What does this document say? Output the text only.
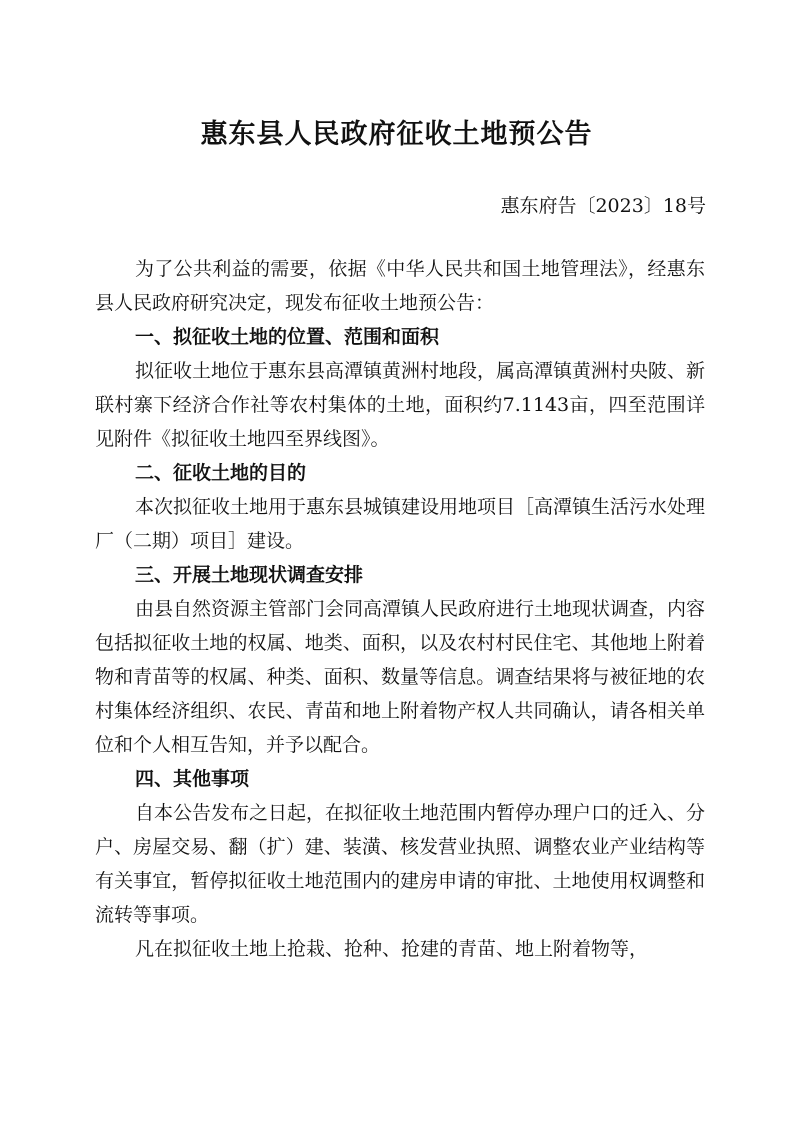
惠东县人民政府征收土地预公告
惠东府告〔2023〕18号

为了公共利益的需要，依据《中华人民共和国土地管理法》，经惠东县人民政府研究决定，现发布征收土地预公告：

一、拟征收土地的位置、范围和面积

拟征收土地位于惠东县高潭镇黄洲村地段，属高潭镇黄洲村央陂、新联村寨下经济合作社等农村集体的土地，面积约7.1143亩，四至范围详见附件《拟征收土地四至界线图》。

二、征收土地的目的

本次拟征收土地用于惠东县城镇建设用地项目［高潭镇生活污水处理厂（二期）项目］建设。

三、开展土地现状调查安排

由县自然资源主管部门会同高潭镇人民政府进行土地现状调查，内容包括拟征收土地的权属、地类、面积，以及农村村民住宅、其他地上附着物和青苗等的权属、种类、面积、数量等信息。调查结果将与被征地的农村集体经济组织、农民、青苗和地上附着物产权人共同确认，请各相关单位和个人相互告知，并予以配合。

四、其他事项

自本公告发布之日起，在拟征收土地范围内暂停办理户口的迁入、分户、房屋交易、翻（扩）建、装潢、核发营业执照、调整农业产业结构等有关事宜，暂停拟征收土地范围内的建房申请的审批、土地使用权调整和流转等事项。

凡在拟征收土地上抢栽、抢种、抢建的青苗、地上附着物等，
